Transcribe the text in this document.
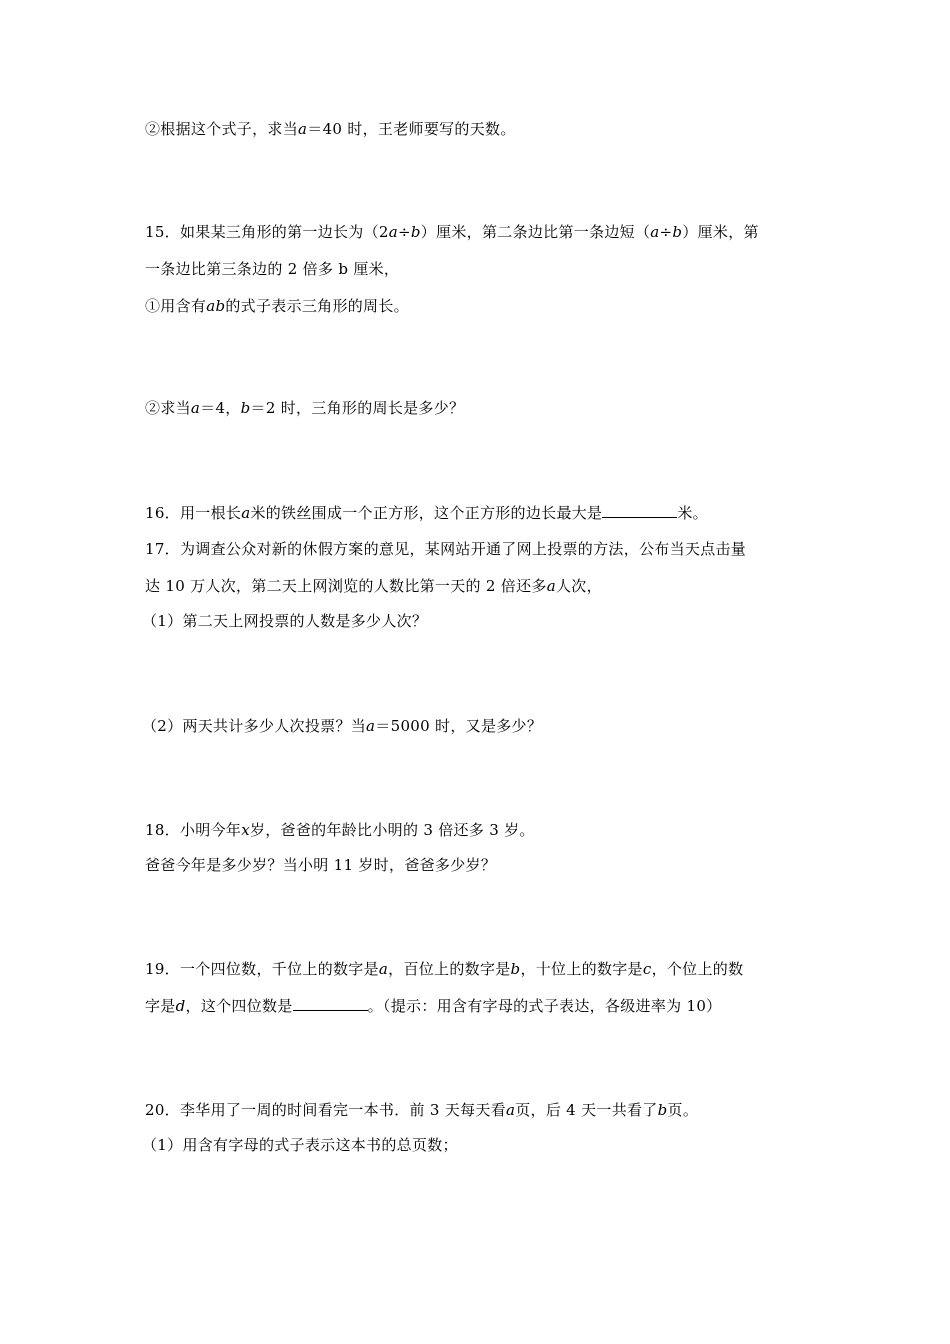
②根据这个式子，求当a＝40 时，王老师要写的天数。
15．如果某三角形的第一边长为（2a÷b）厘米，第二条边比第一条边短（a÷b）厘米，第
一条边比第三条边的 2 倍多 b 厘米，
①用含有ab的式子表示三角形的周长。
②求当a＝4，b＝2 时，三角形的周长是多少？
16．用一根长a米的铁丝围成一个正方形，这个正方形的边长最大是	米。
17．为调查公众对新的休假方案的意见，某网站开通了网上投票的方法，公布当天点击量
达 10 万人次，第二天上网浏览的人数比第一天的 2 倍还多a人次，
（1）第二天上网投票的人数是多少人次？
（2）两天共计多少人次投票？当a＝5000 时，又是多少？
18．小明今年x岁，爸爸的年龄比小明的 3 倍还多 3 岁。
爸爸今年是多少岁？当小明 11 岁时，爸爸多少岁？
19．一个四位数，千位上的数字是a，百位上的数字是b，十位上的数字是c，个位上的数
字是d，这个四位数是	。（提示：用含有字母的式子表达，各级进率为 10）
20．李华用了一周的时间看完一本书．前 3 天每天看a页，后 4 天一共看了b页。
（1）用含有字母的式子表示这本书的总页数；
